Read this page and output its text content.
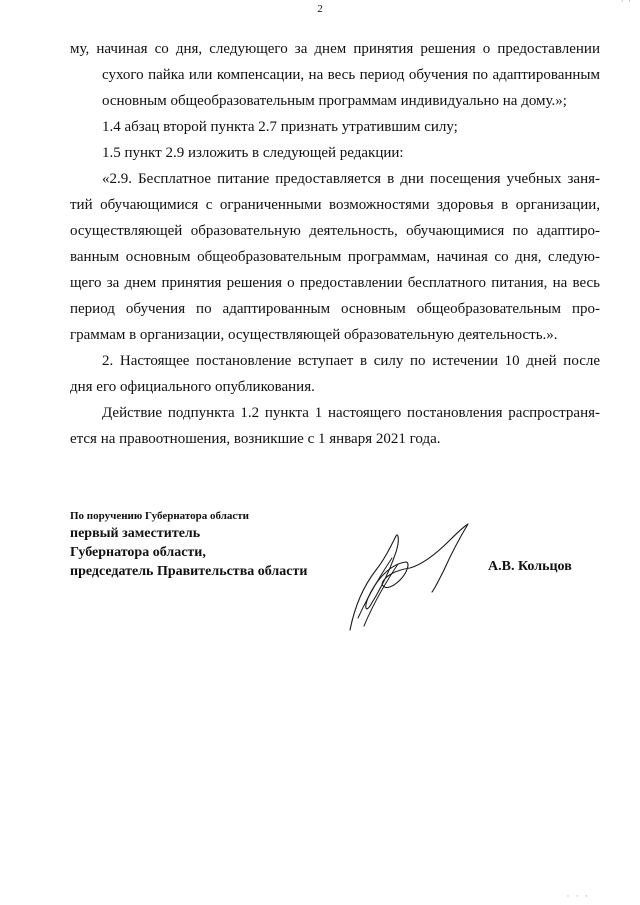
2
· ·

му, начиная со дня, следующего за днем принятия решения о предоставлении
сухого пайка или компенсации, на весь период обучения по адаптированным
основным общеобразовательным программам индивидуально на дому.»;

1.4 абзац второй пункта 2.7 признать утратившим силу;

1.5 пункт 2.9 изложить в следующей редакции:

«2.9. Бесплатное питание предоставляется в дни посещения учебных заня-
тий обучающимися с ограниченными возможностями здоровья в организации,
осуществляющей образовательную деятельность, обучающимися по адаптиро-
ванным основным общеобразовательным программам, начиная со дня, следую-
щего за днем принятия решения о предоставлении бесплатного питания, на весь
период обучения по адаптированным основным общеобразовательным про-
граммам в организации, осуществляющей образовательную деятельность.».

2. Настоящее постановление вступает в силу по истечении 10 дней после
дня его официального опубликования.

Действие подпункта 1.2 пункта 1 настоящего постановления распространя-
ется на правоотношения, возникшие с 1 января 2021 года.

По поручению Губернатора области
первый заместитель
Губернатора области,
председатель Правительства области	А.В. Кольцов
· · ·
